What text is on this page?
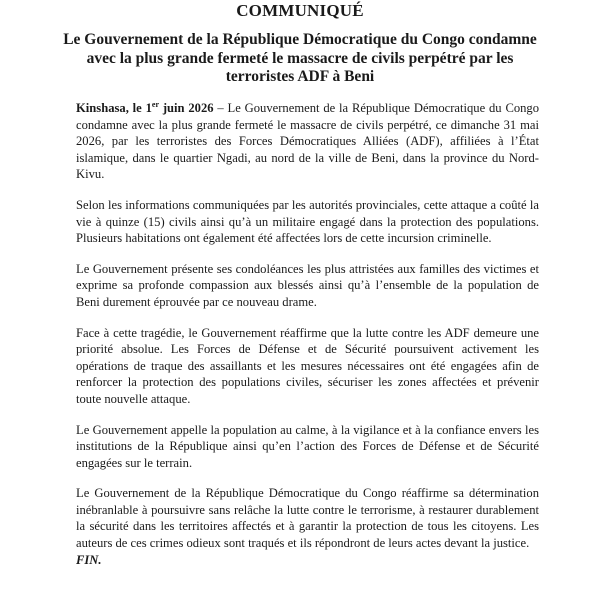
COMMUNIQUÉ
Le Gouvernement de la République Démocratique du Congo condamne avec la plus grande fermeté le massacre de civils perpétré par les terroristes ADF à Beni

Kinshasa, le 1er juin 2026 – Le Gouvernement de la République Démocratique du Congo condamne avec la plus grande fermeté le massacre de civils perpétré, ce dimanche 31 mai 2026, par les terroristes des Forces Démocratiques Alliées (ADF), affiliées à l’État islamique, dans le quartier Ngadi, au nord de la ville de Beni, dans la province du Nord-Kivu.

Selon les informations communiquées par les autorités provinciales, cette attaque a coûté la vie à quinze (15) civils ainsi qu’à un militaire engagé dans la protection des populations. Plusieurs habitations ont également été affectées lors de cette incursion criminelle.

Le Gouvernement présente ses condoléances les plus attristées aux familles des victimes et exprime sa profonde compassion aux blessés ainsi qu’à l’ensemble de la population de Beni durement éprouvée par ce nouveau drame.

Face à cette tragédie, le Gouvernement réaffirme que la lutte contre les ADF demeure une priorité absolue. Les Forces de Défense et de Sécurité poursuivent activement les opérations de traque des assaillants et les mesures nécessaires ont été engagées afin de renforcer la protection des populations civiles, sécuriser les zones affectées et prévenir toute nouvelle attaque.

Le Gouvernement appelle la population au calme, à la vigilance et à la confiance envers les institutions de la République ainsi qu’en l’action des Forces de Défense et de Sécurité engagées sur le terrain.

Le Gouvernement de la République Démocratique du Congo réaffirme sa détermination inébranlable à poursuivre sans relâche la lutte contre le terrorisme, à restaurer durablement la sécurité dans les territoires affectés et à garantir la protection de tous les citoyens. Les auteurs de ces crimes odieux sont traqués et ils répondront de leurs actes devant la justice.
FIN.
